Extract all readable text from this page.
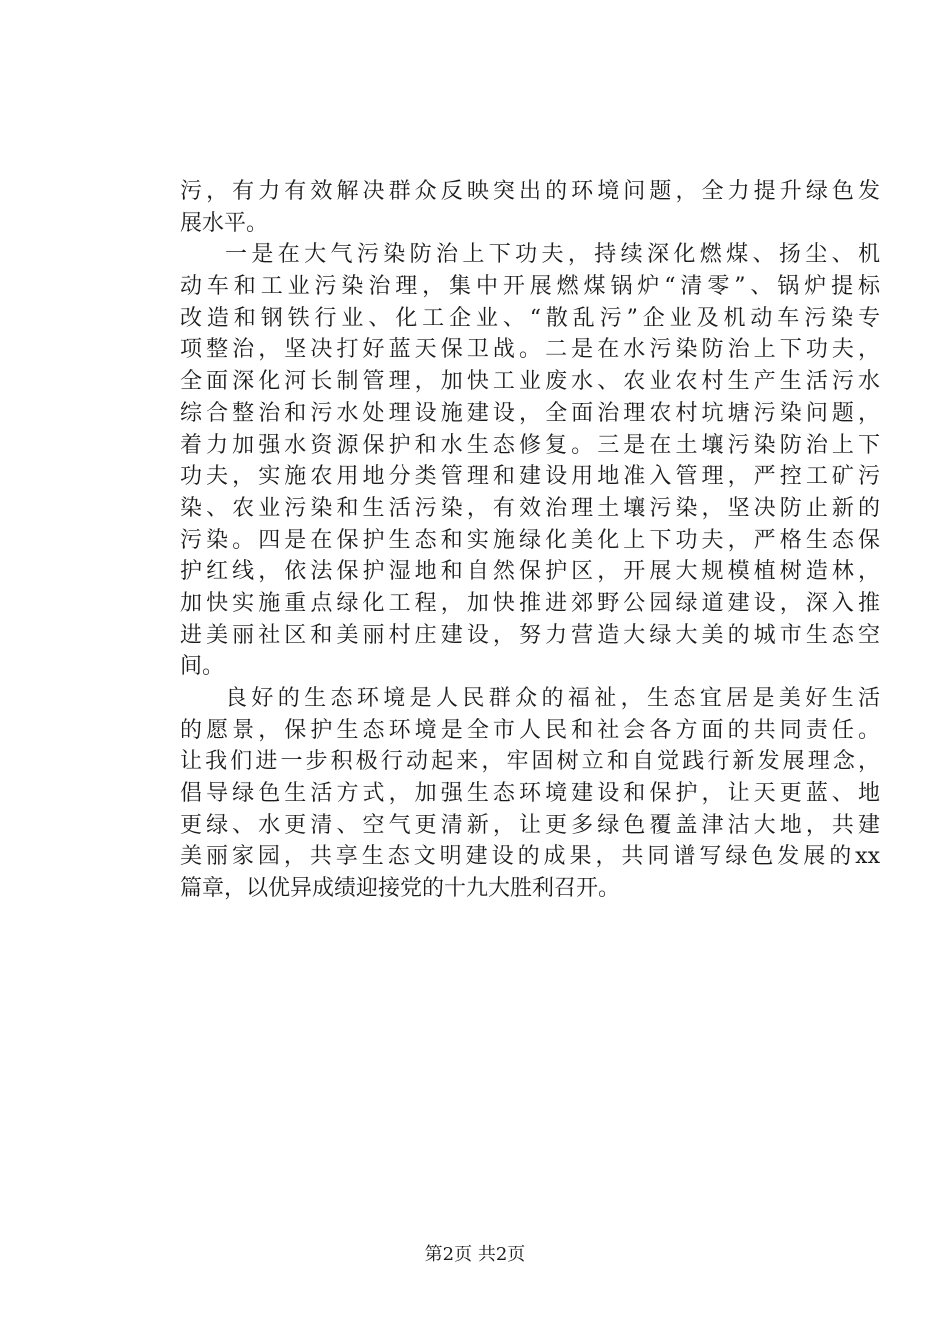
污，有力有效解决群众反映突出的环境问题，全力提升绿色发
展水平。
一是在大气污染防治上下功夫，持续深化燃煤、扬尘、机
动车和工业污染治理，集中开展燃煤锅炉“清零”、锅炉提标
改造和钢铁行业、化工企业、“散乱污”企业及机动车污染专
项整治，坚决打好蓝天保卫战。二是在水污染防治上下功夫，
全面深化河长制管理，加快工业废水、农业农村生产生活污水
综合整治和污水处理设施建设，全面治理农村坑塘污染问题，
着力加强水资源保护和水生态修复。三是在土壤污染防治上下
功夫，实施农用地分类管理和建设用地准入管理，严控工矿污
染、农业污染和生活污染，有效治理土壤污染，坚决防止新的
污染。四是在保护生态和实施绿化美化上下功夫，严格生态保
护红线，依法保护湿地和自然保护区，开展大规模植树造林，
加快实施重点绿化工程，加快推进郊野公园绿道建设，深入推
进美丽社区和美丽村庄建设，努力营造大绿大美的城市生态空
间。
良好的生态环境是人民群众的福祉，生态宜居是美好生活
的愿景，保护生态环境是全市人民和社会各方面的共同责任。
让我们进一步积极行动起来，牢固树立和自觉践行新发展理念，
倡导绿色生活方式，加强生态环境建设和保护，让天更蓝、地
更绿、水更清、空气更清新，让更多绿色覆盖津沽大地，共建
美丽家园，共享生态文明建设的成果，共同谱写绿色发展的xx
篇章，以优异成绩迎接党的十九大胜利召开。
第2页 共2页
